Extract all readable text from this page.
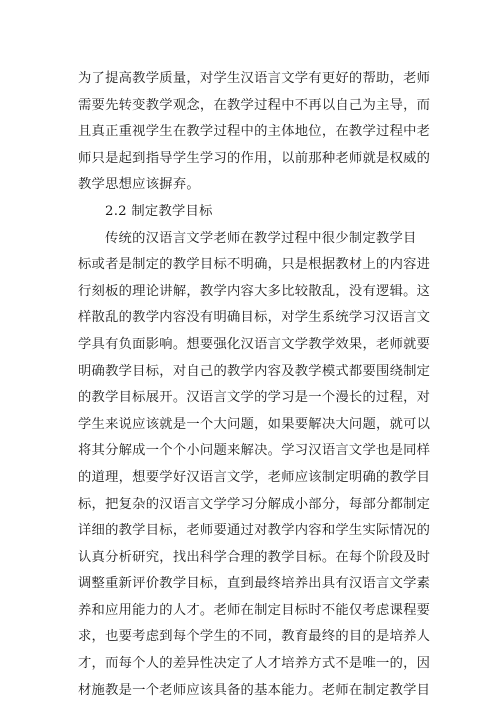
为了提高教学质量，对学生汉语言文学有更好的帮助，老师
需要先转变教学观念，在教学过程中不再以自己为主导，而
且真正重视学生在教学过程中的主体地位，在教学过程中老
师只是起到指导学生学习的作用，以前那种老师就是权威的
教学思想应该摒弃。
2.2 制定教学目标
传统的汉语言文学老师在教学过程中很少制定教学目
标或者是制定的教学目标不明确，只是根据教材上的内容进
行刻板的理论讲解，教学内容大多比较散乱，没有逻辑。这
样散乱的教学内容没有明确目标，对学生系统学习汉语言文
学具有负面影响。想要强化汉语言文学教学效果，老师就要
明确教学目标，对自己的教学内容及教学模式都要围绕制定
的教学目标展开。汉语言文学的学习是一个漫长的过程，对
学生来说应该就是一个大问题，如果要解决大问题，就可以
将其分解成一个个小问题来解决。学习汉语言文学也是同样
的道理，想要学好汉语言文学，老师应该制定明确的教学目
标，把复杂的汉语言文学学习分解成小部分，每部分都制定
详细的教学目标，老师要通过对教学内容和学生实际情况的
认真分析研究，找出科学合理的教学目标。在每个阶段及时
调整重新评价教学目标，直到最终培养出具有汉语言文学素
养和应用能力的人才。老师在制定目标时不能仅考虑课程要
求，也要考虑到每个学生的不同，教育最终的目的是培养人
才，而每个人的差异性决定了人才培养方式不是唯一的，因
材施教是一个老师应该具备的基本能力。老师在制定教学目
